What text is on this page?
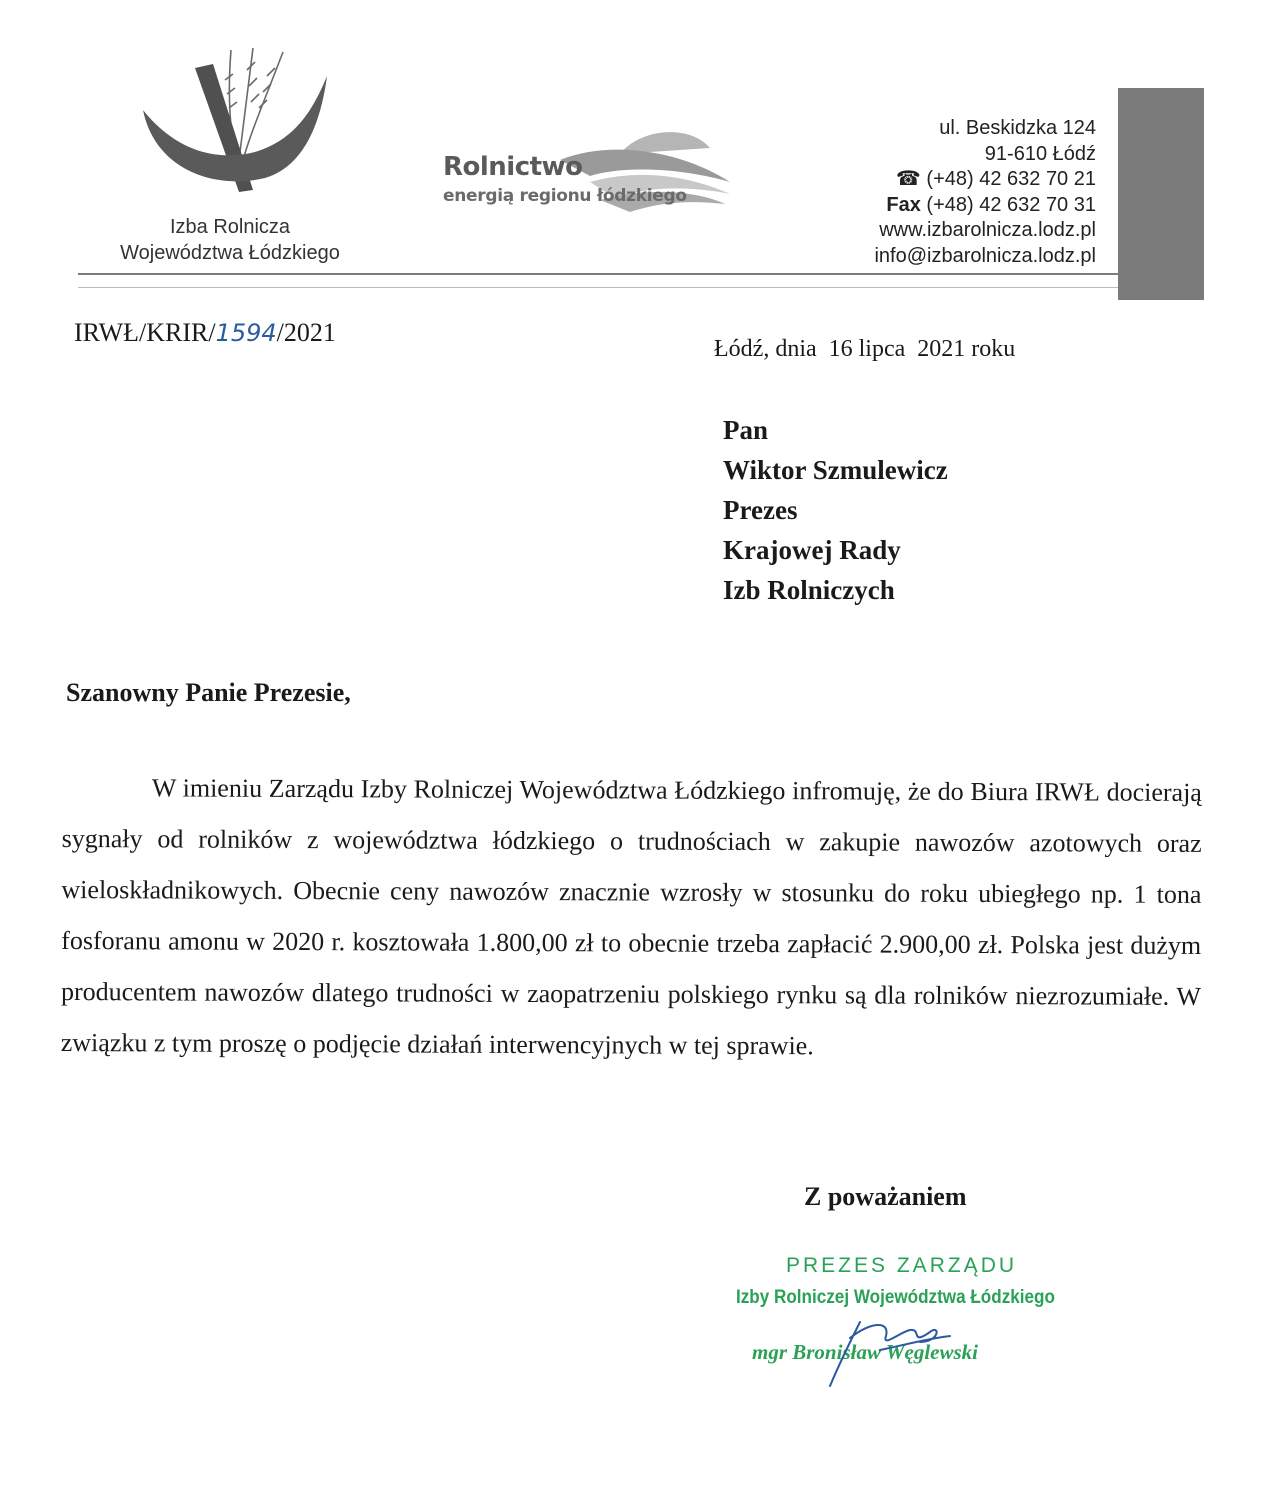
Izba Rolnicza
Województwa Łódzkiego
Rolnictwo
energią regionu łódzkiego
ul. Beskidzka 124
91-610 Łódź
☎ (+48) 42 632 70 21
Fax (+48) 42 632 70 31
www.izbarolnicza.lodz.pl
info@izbarolnicza.lodz.pl
IRWŁ/KRIR/1594/2021
Łódź, dnia  16 lipca  2021 roku
Pan
Wiktor Szmulewicz
Prezes
Krajowej Rady
Izb Rolniczych
Szanowny Panie Prezesie,
W imieniu Zarządu Izby Rolniczej Województwa Łódzkiego infromuję, że do Biura IRWŁ docierają sygnały od rolników z województwa łódzkiego o trudnościach w zakupie nawozów azotowych oraz wieloskładnikowych. Obecnie ceny nawozów znacznie wzrosły w stosunku do roku ubiegłego np. 1 tona fosforanu amonu w 2020 r. kosztowała 1.800,00 zł to obecnie trzeba zapłacić 2.900,00 zł. Polska jest dużym producentem nawozów dlatego trudności w zaopatrzeniu polskiego rynku są dla rolników niezrozumiałe. W związku z tym proszę o podjęcie działań interwencyjnych w tej sprawie.
Z poważaniem
PREZES ZARZĄDU
Izby Rolniczej Województwa Łódzkiego
mgr Bronisław Węglewski
